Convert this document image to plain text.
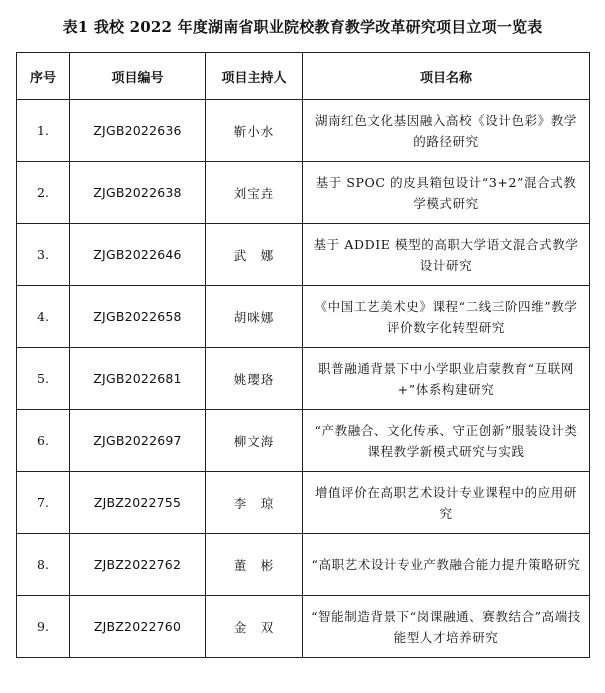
表1 我校 2022 年度湖南省职业院校教育教学改革研究项目立项一览表
序号	项目编号	项目主持人	项目名称
1.	ZJGB2022636	靳小水	湖南红色文化基因融入高校《设计色彩》教学的路径研究
2.	ZJGB2022638	刘宝垚	基于 SPOC 的皮具箱包设计“3+2”混合式教学模式研究
3.	ZJGB2022646	武　娜	基于 ADDIE 模型的高职大学语文混合式教学设计研究
4.	ZJGB2022658	胡咪娜	《中国工艺美术史》课程“二线三阶四维”教学评价数字化转型研究
5.	ZJGB2022681	姚璎珞	职普融通背景下中小学职业启蒙教育“互联网+”体系构建研究
6.	ZJGB2022697	柳文海	“产教融合、文化传承、守正创新”服装设计类课程教学新模式研究与实践
7.	ZJBZ2022755	李　琼	增值评价在高职艺术设计专业课程中的应用研究
8.	ZJBZ2022762	董　彬	“高职艺术设计专业产教融合能力提升策略研究
9.	ZJBZ2022760	金　双	“智能制造背景下“岗课融通、赛教结合”高端技能型人才培养研究
